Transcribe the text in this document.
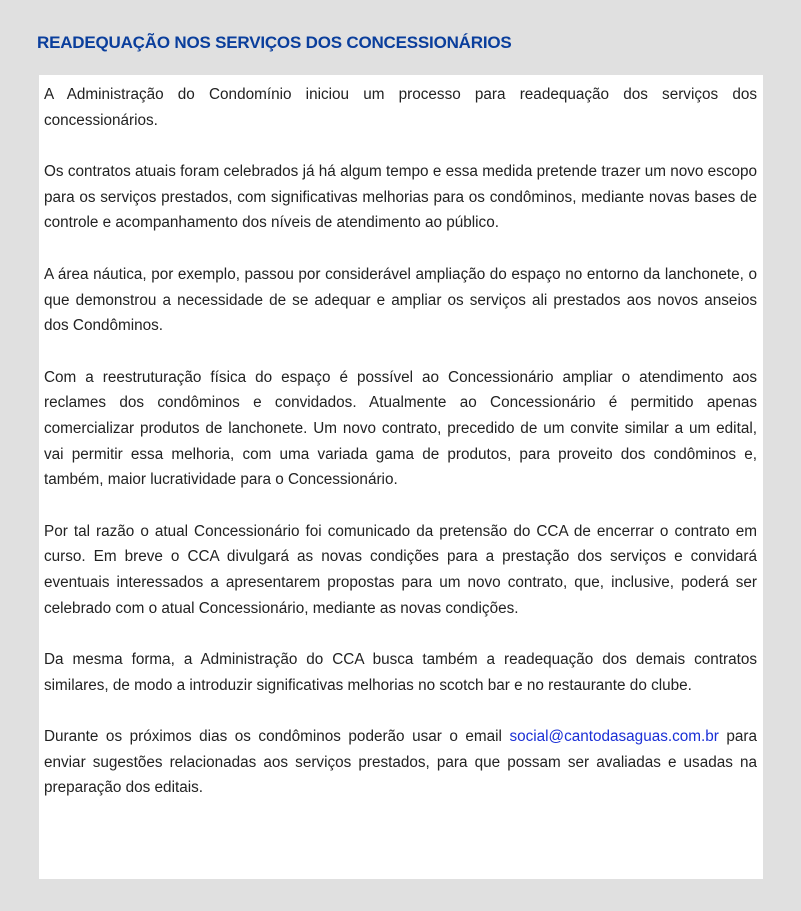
READEQUAÇÃO NOS SERVIÇOS DOS CONCESSIONÁRIOS

A Administração do Condomínio iniciou um processo para readequação dos serviços dos concessionários.

Os contratos atuais foram celebrados já há algum tempo e essa medida pretende trazer um novo escopo para os serviços prestados, com significativas melhorias para os condôminos, mediante novas bases de controle e acompanhamento dos níveis de atendimento ao público.

A área náutica, por exemplo, passou por considerável ampliação do espaço no entorno da lanchonete, o que demonstrou a necessidade de se adequar e ampliar os serviços ali prestados aos novos anseios dos Condôminos.

Com a reestruturação física do espaço é possível ao Concessionário ampliar o atendimento aos reclames dos condôminos e convidados. Atualmente ao Concessionário é permitido apenas comercializar produtos de lanchonete. Um novo contrato, precedido de um convite similar a um edital, vai permitir essa melhoria, com uma variada gama de produtos, para proveito dos condôminos e, também, maior lucratividade para o Concessionário.

Por tal razão o atual Concessionário foi comunicado da pretensão do CCA de encerrar o contrato em curso. Em breve o CCA divulgará as novas condições para a prestação dos serviços e convidará eventuais interessados a apresentarem propostas para um novo contrato, que, inclusive, poderá ser celebrado com o atual Concessionário, mediante as novas condições.

Da mesma forma, a Administração do CCA busca também a readequação dos demais contratos similares, de modo a introduzir significativas melhorias no scotch bar e no restaurante do clube.

Durante os próximos dias os condôminos poderão usar o email social@cantodasaguas.com.br para enviar sugestões relacionadas aos serviços prestados, para que possam ser avaliadas e usadas na preparação dos editais.
